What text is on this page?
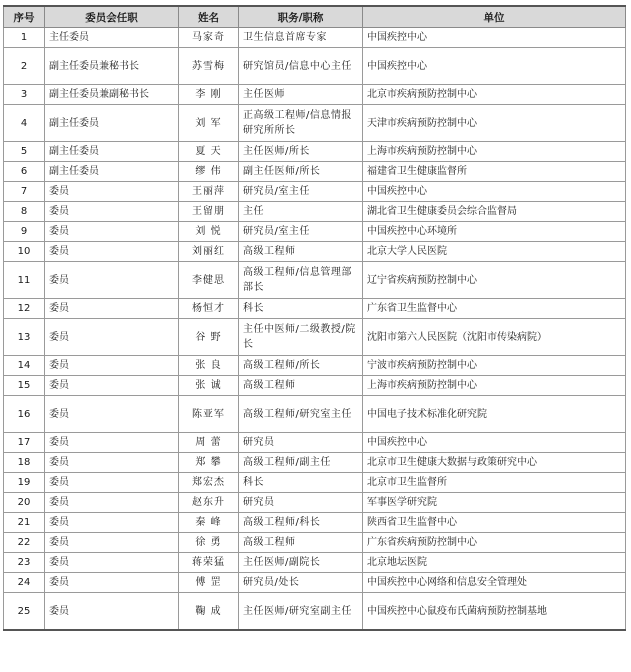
序号	委员会任职	姓名	职务/职称	单位
1	主任委员	马家奇	卫生信息首席专家	中国疾控中心
2	副主任委员兼秘书长	苏雪梅	研究馆员/信息中心主任	中国疾控中心
3	副主任委员兼副秘书长	李 刚	主任医师	北京市疾病预防控制中心
4	副主任委员	刘 军	正高级工程师/信息情报研究所所长	天津市疾病预防控制中心
5	副主任委员	夏 天	主任医师/所长	上海市疾病预防控制中心
6	副主任委员	缪 伟	副主任医师/所长	福建省卫生健康监督所
7	委员	王丽萍	研究员/室主任	中国疾控中心
8	委员	王留朋	主任	湖北省卫生健康委员会综合监督局
9	委员	刘 悦	研究员/室主任	中国疾控中心环境所
10	委员	刘丽红	高级工程师	北京大学人民医院
11	委员	李健思	高级工程师/信息管理部部长	辽宁省疾病预防控制中心
12	委员	杨恒才	科长	广东省卫生监督中心
13	委员	谷 野	主任中医师/二级教授/院长	沈阳市第六人民医院（沈阳市传染病院）
14	委员	张 良	高级工程师/所长	宁波市疾病预防控制中心
15	委员	张 诚	高级工程师	上海市疾病预防控制中心
16	委员	陈亚军	高级工程师/研究室主任	中国电子技术标准化研究院
17	委员	周 蕾	研究员	中国疾控中心
18	委员	郑 攀	高级工程师/副主任	北京市卫生健康大数据与政策研究中心
19	委员	郑宏杰	科长	北京市卫生监督所
20	委员	赵东升	研究员	军事医学研究院
21	委员	秦 峰	高级工程师/科长	陕西省卫生监督中心
22	委员	徐 勇	高级工程师	广东省疾病预防控制中心
23	委员	蒋荣猛	主任医师/副院长	北京地坛医院
24	委员	傅 罡	研究员/处长	中国疾控中心网络和信息安全管理处
25	委员	鞠 成	主任医师/研究室副主任	中国疾控中心鼠疫布氏菌病预防控制基地
